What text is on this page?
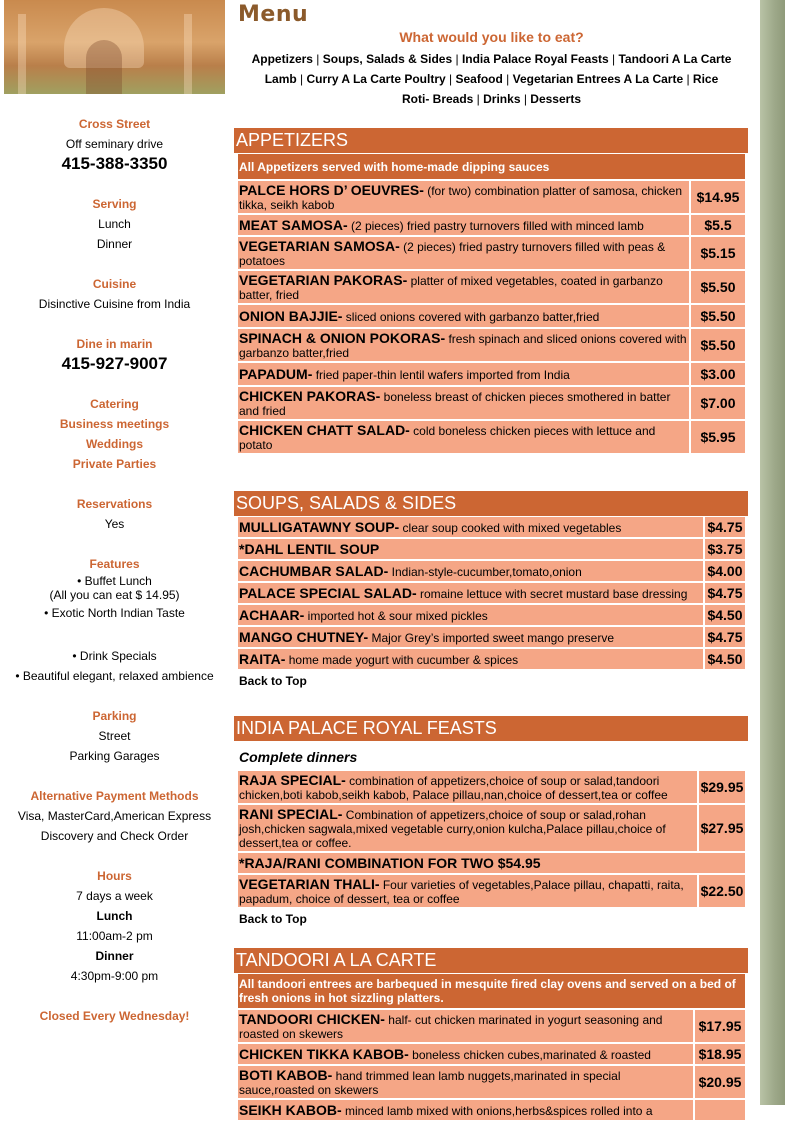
Cross Street
Off seminary drive
415-388-3350
Serving
Lunch
Dinner
Cuisine
Disinctive Cuisine from India
Dine in marin
415-927-9007
Catering
Business meetings
Weddings
Private Parties
Reservations
Yes
Features
• Buffet Lunch
(All you can eat $ 14.95)
• Exotic North Indian Taste
• Drink Specials
• Beautiful elegant, relaxed ambience
Parking
Street
Parking Garages
Alternative Payment Methods
Visa, MasterCard,American Express
Discovery and Check Order
Hours
7 days a week
Lunch
11:00am-2 pm
Dinner
4:30pm-9:00 pm
Closed Every Wednesday!
Menu
What would you like to eat?
Appetizers | Soups, Salads & Sides | India Palace Royal Feasts | Tandoori A La Carte Lamb | Curry A La Carte Poultry | Seafood | Vegetarian Entrees A La Carte | Rice
Roti- Breads | Drinks | Desserts
APPETIZERS
All Appetizers served with home-made dipping sauces	
PALCE HORS D’ OEUVRES- (for two) combination platter of samosa, chicken tikka, seikh kabob	$14.95
MEAT SAMOSA- (2 pieces) fried pastry turnovers filled with minced lamb	$5.5
VEGETARIAN SAMOSA- (2 pieces) fried pastry turnovers filled with peas & potatoes	$5.15
VEGETARIAN PAKORAS- platter of mixed vegetables, coated in garbanzo batter, fried	$5.50
ONION BAJJIE- sliced onions covered with garbanzo batter,fried	$5.50
SPINACH & ONION POKORAS- fresh spinach and sliced onions covered with garbanzo batter,fried	$5.50
PAPADUM- fried paper-thin lentil wafers imported from India	$3.00
CHICKEN PAKORAS- boneless breast of chicken pieces smothered in batter and fried	$7.00
CHICKEN CHATT SALAD- cold boneless chicken pieces with lettuce and potato	$5.95
SOUPS, SALADS & SIDES
MULLIGATAWNY SOUP- clear soup cooked with mixed vegetables	$4.75
*DAHL LENTIL SOUP	$3.75
CACHUMBAR SALAD- Indian-style-cucumber,tomato,onion	$4.00
PALACE SPECIAL SALAD- romaine lettuce with secret mustard base dressing	$4.75
ACHAAR- imported hot & sour mixed pickles	$4.50
MANGO CHUTNEY- Major Grey’s imported sweet mango preserve	$4.75
RAITA- home made yogurt with cucumber & spices	$4.50
Back to Top	
INDIA PALACE ROYAL FEASTS
Complete dinners	
RAJA SPECIAL- combination of appetizers,choice of soup or salad,tandoori chicken,boti kabob,seikh kabob, Palace pillau,nan,choice of dessert,tea or coffee	$29.95
RANI SPECIAL- Combination of appetizers,choice of soup or salad,rohan josh,chicken sagwala,mixed vegetable curry,onion kulcha,Palace pillau,choice of dessert,tea or coffee.	$27.95
*RAJA/RANI COMBINATION FOR TWO $54.95	
VEGETARIAN THALI- Four varieties of vegetables,Palace pillau, chapatti, raita, papadum, choice of dessert, tea or coffee	$22.50
Back to Top	
TANDOORI A LA CARTE
All tandoori entrees are barbequed in mesquite fired clay ovens and served on a bed of fresh onions in hot sizzling platters.	
TANDOORI CHICKEN- half- cut chicken marinated in yogurt seasoning and roasted on skewers	$17.95
CHICKEN TIKKA KABOB- boneless chicken cubes,marinated & roasted	$18.95
BOTI KABOB- hand trimmed lean lamb nuggets,marinated in special sauce,roasted on skewers	$20.95
SEIKH KABOB- minced lamb mixed with onions,herbs&spices rolled into a	
